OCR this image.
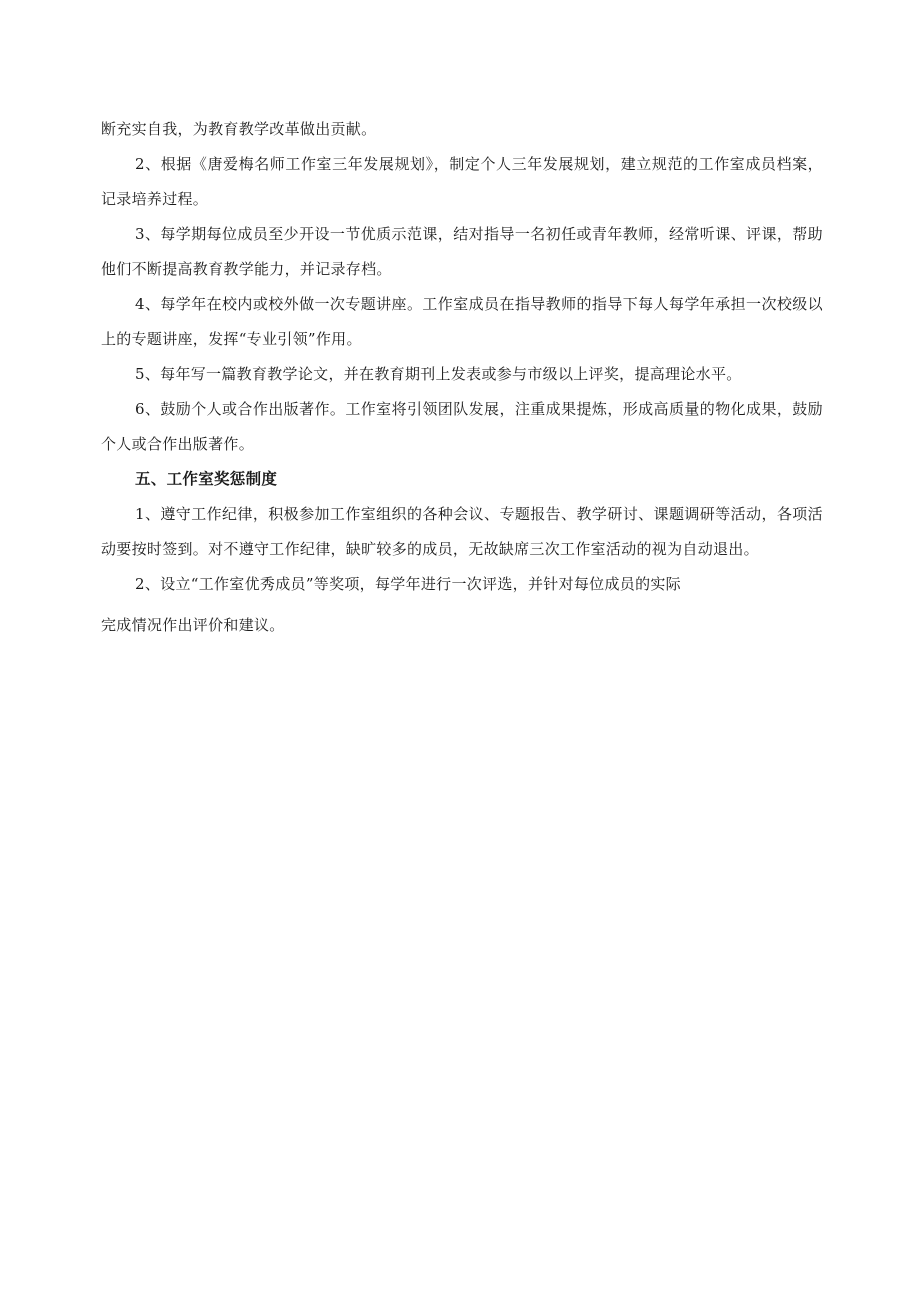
断充实自我，为教育教学改革做出贡献。

2、根据《唐爱梅名师工作室三年发展规划》，制定个人三年发展规划，建立规范的工作室成员档案，记录培养过程。

3、每学期每位成员至少开设一节优质示范课，结对指导一名初任或青年教师，经常听课、评课，帮助他们不断提高教育教学能力，并记录存档。

4、每学年在校内或校外做一次专题讲座。工作室成员在指导教师的指导下每人每学年承担一次校级以上的专题讲座，发挥“专业引领”作用。

5、每年写一篇教育教学论文，并在教育期刊上发表或参与市级以上评奖，提高理论水平。

6、鼓励个人或合作出版著作。工作室将引领团队发展，注重成果提炼，形成高质量的物化成果，鼓励个人或合作出版著作。

五、工作室奖惩制度

1、遵守工作纪律，积极参加工作室组织的各种会议、专题报告、教学研讨、课题调研等活动，各项活动要按时签到。对不遵守工作纪律，缺旷较多的成员，无故缺席三次工作室活动的视为自动退出。

2、设立“工作室优秀成员”等奖项，每学年进行一次评选，并针对每位成员的实际

完成情况作出评价和建议。
